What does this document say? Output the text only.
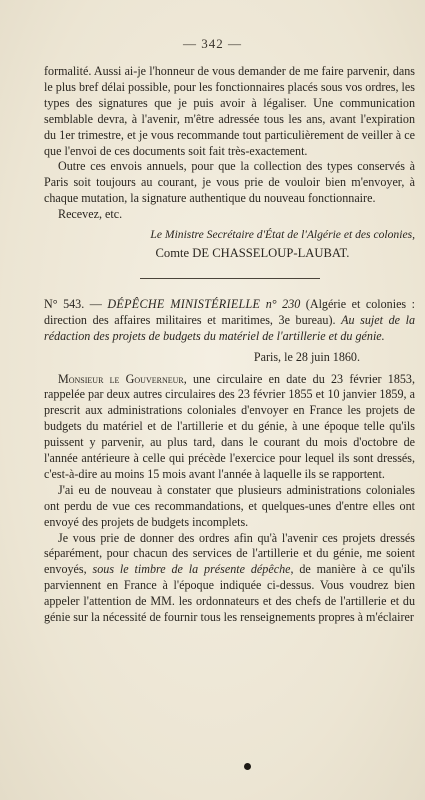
— 342 —

formalité. Aussi ai-je l'honneur de vous demander de me faire parvenir, dans le plus bref délai possible, pour les fonctionnaires placés sous vos ordres, les types des signatures que je puis avoir à légaliser. Une communication semblable devra, à l'avenir, m'être adressée tous les ans, avant l'expiration du 1er trimestre, et je vous recommande tout particulièrement de veiller à ce que l'envoi de ces documents soit fait très-exactement.

Outre ces envois annuels, pour que la collection des types conservés à Paris soit toujours au courant, je vous prie de vouloir bien m'envoyer, à chaque mutation, la signature authentique du nouveau fonctionnaire.

Recevez, etc.

Le Ministre Secrétaire d'État de l'Algérie et des colonies,

Comte DE CHASSELOUP-LAUBAT.

N° 543. — DÉPÊCHE MINISTÉRIELLE n° 230 (Algérie et colonies : direction des affaires militaires et maritimes, 3e bureau). Au sujet de la rédaction des projets de budgets du matériel de l'artillerie et du génie.

Paris, le 28 juin 1860.

Monsieur le Gouverneur, une circulaire en date du 23 février 1853, rappelée par deux autres circulaires des 23 février 1855 et 10 janvier 1859, a prescrit aux administrations coloniales d'envoyer en France les projets de budgets du matériel et de l'artillerie et du génie, à une époque telle qu'ils puissent y parvenir, au plus tard, dans le courant du mois d'octobre de l'année antérieure à celle qui précède l'exercice pour lequel ils sont dressés, c'est-à-dire au moins 15 mois avant l'année à laquelle ils se rapportent.

J'ai eu de nouveau à constater que plusieurs administrations coloniales ont perdu de vue ces recommandations, et quelques-unes d'entre elles ont envoyé des projets de budgets incomplets.

Je vous prie de donner des ordres afin qu'à l'avenir ces projets dressés séparément, pour chacun des services de l'artillerie et du génie, me soient envoyés, sous le timbre de la présente dépêche, de manière à ce qu'ils parviennent en France à l'époque indiquée ci-dessus. Vous voudrez bien appeler l'attention de MM. les ordonnateurs et des chefs de l'artillerie et du génie sur la nécessité de fournir tous les renseignements propres à m'éclairer
